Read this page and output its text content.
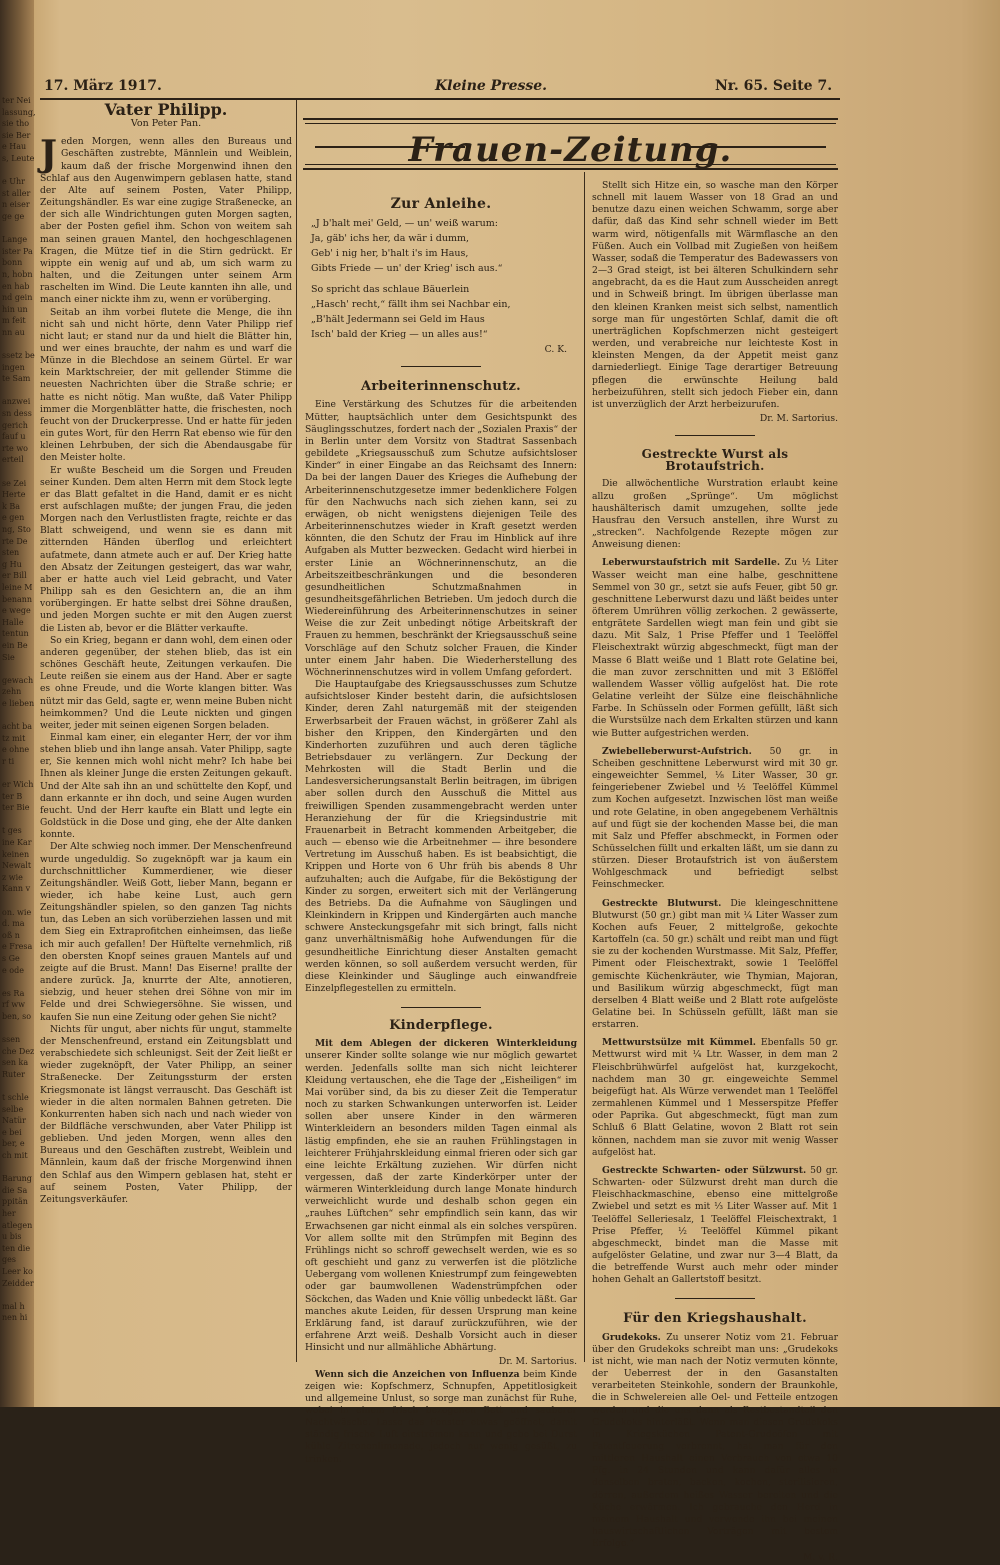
ter Nei
lassung,
sie tho
sie Ber
e Hau
s, Leute

e Uhr
st aller
n eiser
ge ge

Lange
ister Pa
bonn
n, hobn
en hab
nd gein
hin un
m feit
nn au

ssetz be
ingen
te Sam

anzwei
sn dess
gerich
fauf u
rte wo
erteil

se Zei
Herte
k Ba
e gen
ng, Sto
rte De
sten
g Hu
er Bill
leine M
benann
e wege
Halle
tentun
ein Be
Sie

gewach
zehn
e lieben

acht ba
tz mit
e ohne
r ti

er Wich
ter B
ter Bie

t ges
ine Kar
keinen
Newalt
z wie
Kann v

on. wie
d. ma
oß n
e Fresa
s Ge
e ode

es Ra
rf ww
ben, so

ssen
che Dez
sen ka
Ruter

t schle
selbe
Natür
e bei
ber, e
ch mit

Barung
die Sa
ppitän
her
atlegen
u bis
ten die
ges
Leer ko
Zeidder

mal h
nen hi
17. März 1917.	Kleine Presse.	Nr. 65. Seite 7.
Vater Philipp.
Von Peter Pan.
J eden Morgen, wenn alles den Bureaus und Geschäften zustrebte, Männlein und Weiblein, kaum daß der frische Morgenwind ihnen den Schlaf aus den Augenwimpern geblasen hatte, stand der Alte auf seinem Posten, Vater Philipp, Zeitungshändler. Es war eine zugige Straßenecke, an der sich alle Windrichtungen guten Morgen sagten, aber der Posten gefiel ihm. Schon von weitem sah man seinen grauen Mantel, den hochgeschlagenen Kragen, die Mütze tief in die Stirn gedrückt. Er wippte ein wenig auf und ab, um sich warm zu halten, und die Zeitungen unter seinem Arm raschelten im Wind. Die Leute kannten ihn alle, und manch einer nickte ihm zu, wenn er vorüberging.

Seitab an ihm vorbei flutete die Menge, die ihn nicht sah und nicht hörte, denn Vater Philipp rief nicht laut; er stand nur da und hielt die Blätter hin, und wer eines brauchte, der nahm es und warf die Münze in die Blechdose an seinem Gürtel. Er war kein Marktschreier, der mit gellender Stimme die neuesten Nachrichten über die Straße schrie; er hatte es nicht nötig. Man wußte, daß Vater Philipp immer die Morgenblätter hatte, die frischesten, noch feucht von der Druckerpresse. Und er hatte für jeden ein gutes Wort, für den Herrn Rat ebenso wie für den kleinen Lehrbuben, der sich die Abendausgabe für den Meister holte.

Er wußte Bescheid um die Sorgen und Freuden seiner Kunden. Dem alten Herrn mit dem Stock legte er das Blatt gefaltet in die Hand, damit er es nicht erst aufschlagen mußte; der jungen Frau, die jeden Morgen nach den Verlustlisten fragte, reichte er das Blatt schweigend, und wenn sie es dann mit zitternden Händen überflog und erleichtert aufatmete, dann atmete auch er auf. Der Krieg hatte den Absatz der Zeitungen gesteigert, das war wahr, aber er hatte auch viel Leid gebracht, und Vater Philipp sah es den Gesichtern an, die an ihm vorübergingen. Er hatte selbst drei Söhne draußen, und jeden Morgen suchte er mit den Augen zuerst die Listen ab, bevor er die Blätter verkaufte.

So ein Krieg, begann er dann wohl, dem einen oder anderen gegenüber, der stehen blieb, das ist ein schönes Geschäft heute, Zeitungen verkaufen. Die Leute reißen sie einem aus der Hand. Aber er sagte es ohne Freude, und die Worte klangen bitter. Was nützt mir das Geld, sagte er, wenn meine Buben nicht heimkommen? Und die Leute nickten und gingen weiter, jeder mit seinen eigenen Sorgen beladen.

Einmal kam einer, ein eleganter Herr, der vor ihm stehen blieb und ihn lange ansah. Vater Philipp, sagte er, Sie kennen mich wohl nicht mehr? Ich habe bei Ihnen als kleiner Junge die ersten Zeitungen gekauft. Und der Alte sah ihn an und schüttelte den Kopf, und dann erkannte er ihn doch, und seine Augen wurden feucht. Und der Herr kaufte ein Blatt und legte ein Goldstück in die Dose und ging, ehe der Alte danken konnte.

Der Alte schwieg noch immer. Der Menschenfreund wurde ungeduldig. So zugeknöpft war ja kaum ein durchschnittlicher Kummerdiener, wie dieser Zeitungshändler. Weiß Gott, lieber Mann, begann er wieder, ich habe keine Lust, auch gern Zeitungshändler spielen, so den ganzen Tag nichts tun, das Leben an sich vorüberziehen lassen und mit dem Sieg ein Extraprofitchen einheimsen, das ließe ich mir auch gefallen! Der Hüftelte vernehmlich, riß den obersten Knopf seines grauen Mantels auf und zeigte auf die Brust. Mann! Das Eiserne! prallte der andere zurück. Ja, knurrte der Alte, annotieren, siebzig, und heuer stehen drei Söhne von mir im Felde und drei Schwiegersöhne. Sie wissen, und kaufen Sie nun eine Zeitung oder gehen Sie nicht?

Nichts für ungut, aber nichts für ungut, stammelte der Menschenfreund, erstand ein Zeitungsblatt und verabschiedete sich schleunigst. Seit der Zeit ließt er wieder zugeknöpft, der Vater Philipp, an seiner Straßenecke. Der Zeitungssturm der ersten Kriegsmonate ist längst verrauscht. Das Geschäft ist wieder in die alten normalen Bahnen getreten. Die Konkurrenten haben sich nach und nach wieder von der Bildfläche verschwunden, aber Vater Philipp ist geblieben. Und jeden Morgen, wenn alles den Bureaus und den Geschäften zustrebt, Weiblein und Männlein, kaum daß der frische Morgenwind ihnen den Schlaf aus den Wimpern geblasen hat, steht er auf seinem Posten, Vater Philipp, der Zeitungsverkäufer.

Frauen-Zeitung.
Zur Anleihe.

„J b'halt mei' Geld, — un' weiß warum:

Ja, gäb' ichs her, da wär i dumm,

Geb' i nig her, b'halt i's im Haus,

Gibts Friede — un' der Krieg' isch aus.“

So spricht das schlaue Bäuerlein

„Hasch' recht,“ fällt ihm sei Nachbar ein,

„B'hält Jedermann sei Geld im Haus

Isch' bald der Krieg — un alles aus!“

C. K.
Arbeiterinnenschutz.

Eine Verstärkung des Schutzes für die arbeitenden Mütter, hauptsächlich unter dem Gesichtspunkt des Säuglingsschutzes, fordert nach der „Sozialen Praxis“ der in Berlin unter dem Vorsitz von Stadtrat Sassenbach gebildete „Kriegsausschuß zum Schutze aufsichtsloser Kinder“ in einer Eingabe an das Reichsamt des Innern: Da bei der langen Dauer des Krieges die Aufhebung der Arbeiterinnenschutzgesetze immer bedenklichere Folgen für den Nachwuchs nach sich ziehen kann, sei zu erwägen, ob nicht wenigstens diejenigen Teile des Arbeiterinnenschutzes wieder in Kraft gesetzt werden könnten, die den Schutz der Frau im Hinblick auf ihre Aufgaben als Mutter bezwecken. Gedacht wird hierbei in erster Linie an Wöchnerinnenschutz, an die Arbeitszeitbeschränkungen und die besonderen gesundheitlichen Schutzmaßnahmen in gesundheitsgefährlichen Betrieben. Um jedoch durch die Wiedereinführung des Arbeiterinnenschutzes in seiner Weise die zur Zeit unbedingt nötige Arbeitskraft der Frauen zu hemmen, beschränkt der Kriegsausschuß seine Vorschläge auf den Schutz solcher Frauen, die Kinder unter einem Jahr haben. Die Wiederherstellung des Wöchnerinnenschutzes wird in vollem Umfang gefordert.

Die Hauptaufgabe des Kriegsausschusses zum Schutze aufsichtsloser Kinder besteht darin, die aufsichtslosen Kinder, deren Zahl naturgemäß mit der steigenden Erwerbsarbeit der Frauen wächst, in größerer Zahl als bisher den Krippen, den Kindergärten und den Kinderhorten zuzuführen und auch deren tägliche Betriebsdauer zu verlängern. Zur Deckung der Mehrkosten will die Stadt Berlin und die Landesversicherungsanstalt Berlin beitragen, im übrigen aber sollen durch den Ausschuß die Mittel aus freiwilligen Spenden zusammengebracht werden unter Heranziehung der für die Kriegsindustrie mit Frauenarbeit in Betracht kommenden Arbeitgeber, die auch — ebenso wie die Arbeitnehmer — ihre besondere Vertretung im Ausschuß haben. Es ist beabsichtigt, die Krippen und Horte von 6 Uhr früh bis abends 8 Uhr aufzuhalten; auch die Aufgabe, für die Beköstigung der Kinder zu sorgen, erweitert sich mit der Verlängerung des Betriebs. Da die Aufnahme von Säuglingen und Kleinkindern in Krippen und Kindergärten auch manche schwere Ansteckungsgefahr mit sich bringt, falls nicht ganz unverhältnismäßig hohe Aufwendungen für die gesundheitliche Einrichtung dieser Anstalten gemacht werden können, so soll außerdem versucht werden, für diese Kleinkinder und Säuglinge auch einwandfreie Einzelpflegestellen zu ermitteln.

Kinderpflege.

Mit dem Ablegen der dickeren Winterkleidung unserer Kinder sollte solange wie nur möglich gewartet werden. Jedenfalls sollte man sich nicht leichterer Kleidung vertauschen, ehe die Tage der „Eisheiligen“ im Mai vorüber sind, da bis zu dieser Zeit die Temperatur noch zu starken Schwankungen unterworfen ist. Leider sollen aber unsere Kinder in den wärmeren Winterkleidern an besonders milden Tagen einmal als lästig empfinden, ehe sie an rauhen Frühlingstagen in leichterer Frühjahrskleidung einmal frieren oder sich gar eine leichte Erkältung zuziehen. Wir dürfen nicht vergessen, daß der zarte Kinderkörper unter der wärmeren Winterkleidung durch lange Monate hindurch verweichlicht wurde und deshalb schon gegen ein „rauhes Lüftchen“ sehr empfindlich sein kann, das wir Erwachsenen gar nicht einmal als ein solches verspüren. Vor allem sollte mit den Strümpfen mit Beginn des Frühlings nicht so schroff gewechselt werden, wie es so oft geschieht und ganz zu verwerfen ist die plötzliche Uebergang vom wollenen Kniestrumpf zum feingewebten oder gar baumwollenen Wadenstrümpfchen oder Söckchen, das Waden und Knie völlig unbedeckt läßt. Gar manches akute Leiden, für dessen Ursprung man keine Erklärung fand, ist darauf zurückzuführen, wie der erfahrene Arzt weiß. Deshalb Vorsicht auch in dieser Hinsicht und nur allmähliche Abhärtung.

Dr. M. Sartorius.

Wenn sich die Anzeichen von Influenza beim Kinde zeigen wie: Kopfschmerz, Schnupfen, Appetitlosigkeit und allgemeine Unlust, so sorge man zunächst für Ruhe, wobei in einem frisch bezogenen Bett und sauberer Nachtwäsche. Lasse das Fenster etwas geöffnet, damit ständig frische Luft einströmen kann und gebe bei Durst kühle Zitronenlimonade, jedoch nur wenig gesüßt, zu trinken.

Stellt sich Hitze ein, so wasche man den Körper schnell mit lauem Wasser von 18 Grad an und benutze dazu einen weichen Schwamm, sorge aber dafür, daß das Kind sehr schnell wieder im Bett warm wird, nötigenfalls mit Wärmflasche an den Füßen. Auch ein Vollbad mit Zugießen von heißem Wasser, sodaß die Temperatur des Badewassers von 2—3 Grad steigt, ist bei älteren Schulkindern sehr angebracht, da es die Haut zum Ausscheiden anregt und in Schweiß bringt. Im übrigen überlasse man den kleinen Kranken meist sich selbst, namentlich sorge man für ungestörten Schlaf, damit die oft unerträglichen Kopfschmerzen nicht gesteigert werden, und verabreiche nur leichteste Kost in kleinsten Mengen, da der Appetit meist ganz darniederliegt. Einige Tage derartiger Betreuung pflegen die erwünschte Heilung bald herbeizuführen, stellt sich jedoch Fieber ein, dann ist unverzüglich der Arzt herbeizurufen.

Dr. M. Sartorius.
Gestreckte Wurst als Brotaufstrich.

Die allwöchentliche Wurstration erlaubt keine allzu großen „Sprünge“. Um möglichst haushälterisch damit umzugehen, sollte jede Hausfrau den Versuch anstellen, ihre Wurst zu „strecken“. Nachfolgende Rezepte mögen zur Anweisung dienen:

Leberwurstaufstrich mit Sardelle. Zu ½ Liter Wasser weicht man eine halbe, geschnittene Semmel von 30 gr., setzt sie aufs Feuer, gibt 50 gr. geschnittene Leberwurst dazu und läßt beides unter öfterem Umrühren völlig zerkochen. 2 gewässerte, entgrätete Sardellen wiegt man fein und gibt sie dazu. Mit Salz, 1 Prise Pfeffer und 1 Teelöffel Fleischextrakt würzig abgeschmeckt, fügt man der Masse 6 Blatt weiße und 1 Blatt rote Gelatine bei, die man zuvor zerschnitten und mit 3 Eßlöffel wallendem Wasser völlig aufgelöst hat. Die rote Gelatine verleiht der Sülze eine fleischähnliche Farbe. In Schüsseln oder Formen gefüllt, läßt sich die Wurstsülze nach dem Erkalten stürzen und kann wie Butter aufgestrichen werden.

Zwiebelleberwurst-Aufstrich. 50 gr. in Scheiben geschnittene Leberwurst wird mit 30 gr. eingeweichter Semmel, ⅛ Liter Wasser, 30 gr. feingeriebener Zwiebel und ½ Teelöffel Kümmel zum Kochen aufgesetzt. Inzwischen löst man weiße und rote Gelatine, in oben angegebenem Verhältnis auf und fügt sie der kochenden Masse bei, die man mit Salz und Pfeffer abschmeckt, in Formen oder Schüsselchen füllt und erkalten läßt, um sie dann zu stürzen. Dieser Brotaufstrich ist von äußerstem Wohlgeschmack und befriedigt selbst Feinschmecker.

Gestreckte Blutwurst. Die kleingeschnittene Blutwurst (50 gr.) gibt man mit ¼ Liter Wasser zum Kochen aufs Feuer, 2 mittelgroße, gekochte Kartoffeln (ca. 50 gr.) schält und reibt man und fügt sie zu der kochenden Wurstmasse. Mit Salz, Pfeffer, Piment oder Fleischextrakt, sowie 1 Teelöffel gemischte Küchenkräuter, wie Thymian, Majoran, und Basilikum würzig abgeschmeckt, fügt man derselben 4 Blatt weiße und 2 Blatt rote aufgelöste Gelatine bei. In Schüsseln gefüllt, läßt man sie erstarren.

Mettwurstsülze mit Kümmel. Ebenfalls 50 gr. Mettwurst wird mit ¼ Ltr. Wasser, in dem man 2 Fleischbrühwürfel aufgelöst hat, kurzgekocht, nachdem man 30 gr. eingeweichte Semmel beigefügt hat. Als Würze verwendet man 1 Teelöffel zermahlenen Kümmel und 1 Messerspitze Pfeffer oder Paprika. Gut abgeschmeckt, fügt man zum Schluß 6 Blatt Gelatine, wovon 2 Blatt rot sein können, nachdem man sie zuvor mit wenig Wasser aufgelöst hat.

Gestreckte Schwarten- oder Sülzwurst. 50 gr. Schwarten- oder Sülzwurst dreht man durch die Fleischhackmaschine, ebenso eine mittelgroße Zwiebel und setzt es mit ⅓ Liter Wasser auf. Mit 1 Teelöffel Selleriesalz, 1 Teelöffel Fleischextrakt, 1 Prise Pfeffer, ½ Teelöffel Kümmel pikant abgeschmeckt, bindet man die Masse mit aufgelöster Gelatine, und zwar nur 3—4 Blatt, da die betreffende Wurst auch mehr oder minder hohen Gehalt an Gallertstoff besitzt.

Für den Kriegshaushalt.

Grudekoks. Zu unserer Notiz vom 21. Februar über den Grudekoks schreibt man uns: „Grudekoks ist nicht, wie man nach der Notiz vermuten könnte, der Ueberrest der in den Gasanstalten verarbeiteten Steinkohle, sondern der Braunkohle, die in Schwelereien alle Oel- und Fetteile entzogen werden und die uns dann als Restbestandteil den Grudekoks hinterläßt. Wenn man diesen Grudekoks in Kriegsküchen Patent-Grudeöfen mit Patentfeuerung verbrennt, hat man für den mittleren Haushalt einen Verbrauch von etwa 10 Pfg. in 24 Stunden und kann dafür alles in denselben braten, backen, kochen, sterilisieren, dörren, außerdem heißes Wasser bereiten und die Küche erwärmen. Ich gebrauche den Herd in meinem Haushalt und verwende ihn bei meinen hauswirtschaftlichen Vorträgen mit bestem Erfolge.“

M. v. R.
